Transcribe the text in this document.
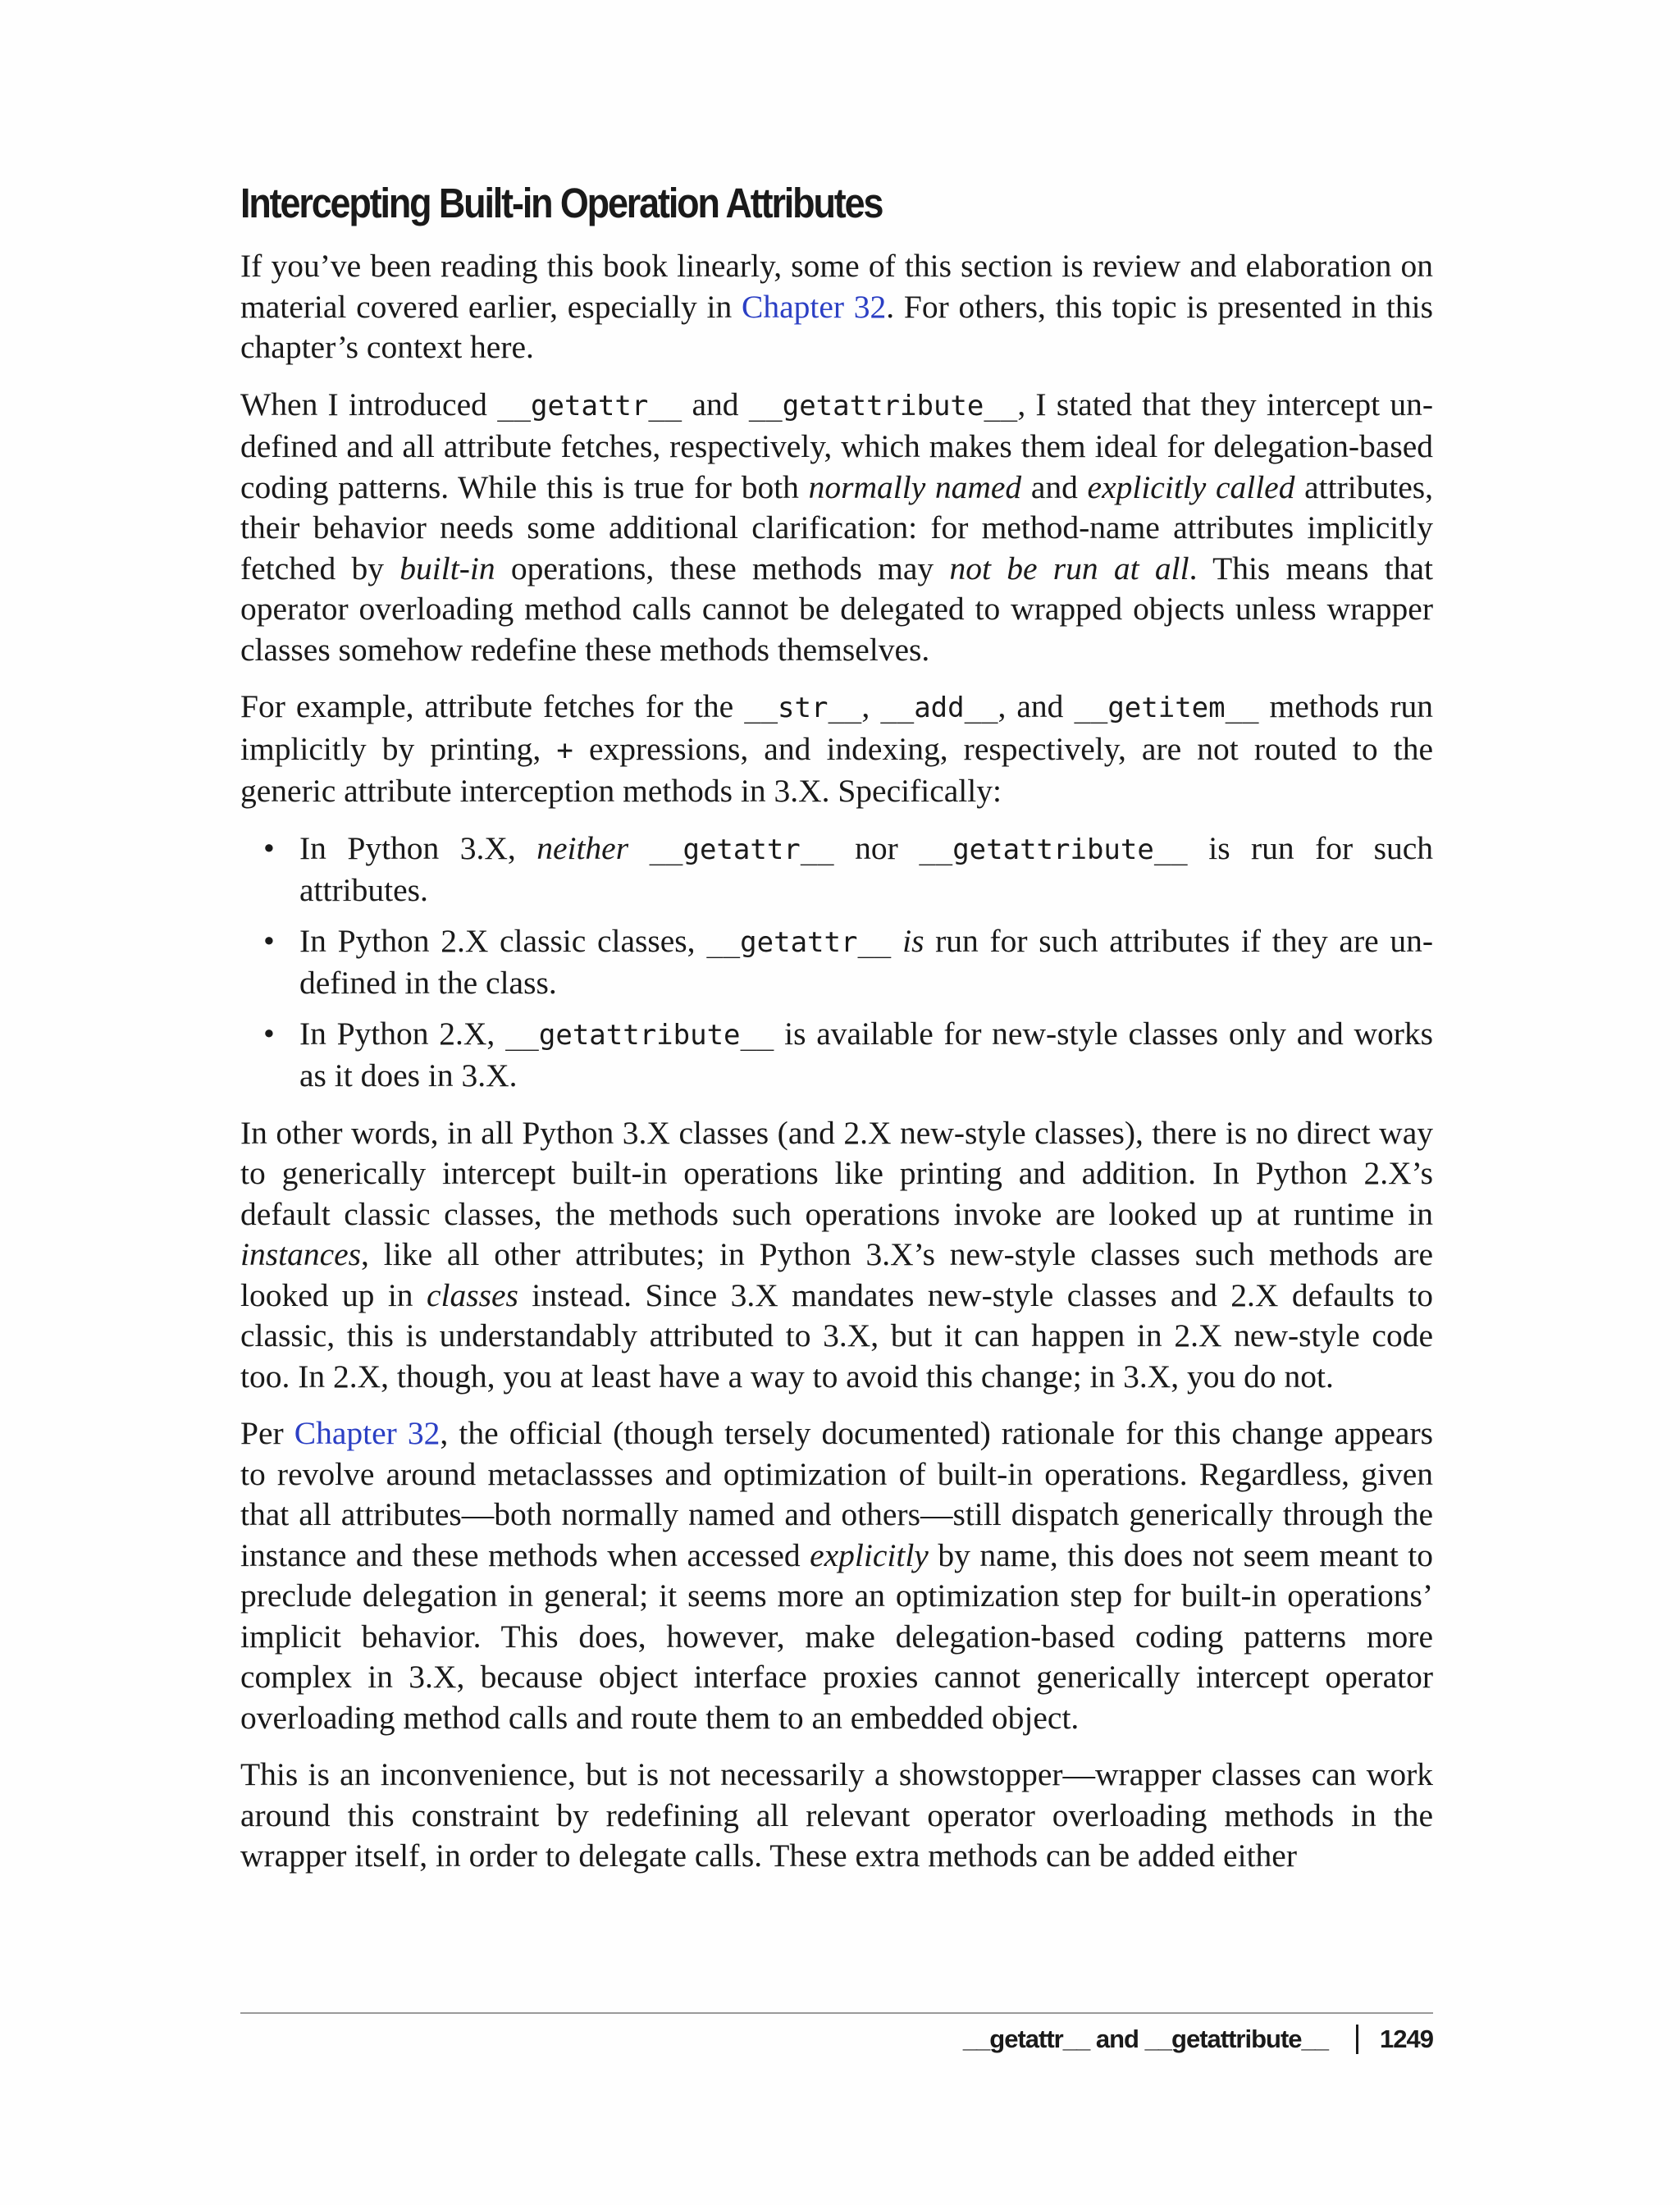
Intercepting Built-in Operation Attributes

If you’ve been reading this book linearly, some of this section is review and elaboration on material covered earlier, especially in Chapter 32. For others, this topic is presented in this chapter’s context here.

When I introduced __getattr__ and __getattribute__, I stated that they intercept undefined and all attribute fetches, respectively, which makes them ideal for delegation-based coding patterns. While this is true for both normally named and explicitly called attributes, their behavior needs some additional clarification: for method-name attributes implicitly fetched by built-in operations, these methods may not be run at all. This means that operator overloading method calls cannot be delegated to wrapped objects unless wrapper classes somehow redefine these methods themselves.

For example, attribute fetches for the __str__, __add__, and __getitem__ methods run implicitly by printing, + expressions, and indexing, respectively, are not routed to the generic attribute interception methods in 3.X. Specifically:

• In Python 3.X, neither __getattr__ nor __getattribute__ is run for such attributes.
• In Python 2.X classic classes, __getattr__ is run for such attributes if they are undefined in the class.
• In Python 2.X, __getattribute__ is available for new-style classes only and works as it does in 3.X.

In other words, in all Python 3.X classes (and 2.X new-style classes), there is no direct way to generically intercept built-in operations like printing and addition. In Python 2.X’s default classic classes, the methods such operations invoke are looked up at runtime in instances, like all other attributes; in Python 3.X’s new-style classes such methods are looked up in classes instead. Since 3.X mandates new-style classes and 2.X defaults to classic, this is understandably attributed to 3.X, but it can happen in 2.X new-style code too. In 2.X, though, you at least have a way to avoid this change; in 3.X, you do not.

Per Chapter 32, the official (though tersely documented) rationale for this change appears to revolve around metaclassses and optimization of built-in operations. Regardless, given that all attributes—both normally named and others—still dispatch generically through the instance and these methods when accessed explicitly by name, this does not seem meant to preclude delegation in general; it seems more an optimization step for built-in operations’ implicit behavior. This does, however, make delegation-based coding patterns more complex in 3.X, because object interface proxies cannot generically intercept operator overloading method calls and route them to an embedded object.

This is an inconvenience, but is not necessarily a showstopper—wrapper classes can work around this constraint by redefining all relevant operator overloading methods in the wrapper itself, in order to delegate calls. These extra methods can be added either

__getattr__ and __getattribute__ 1249
